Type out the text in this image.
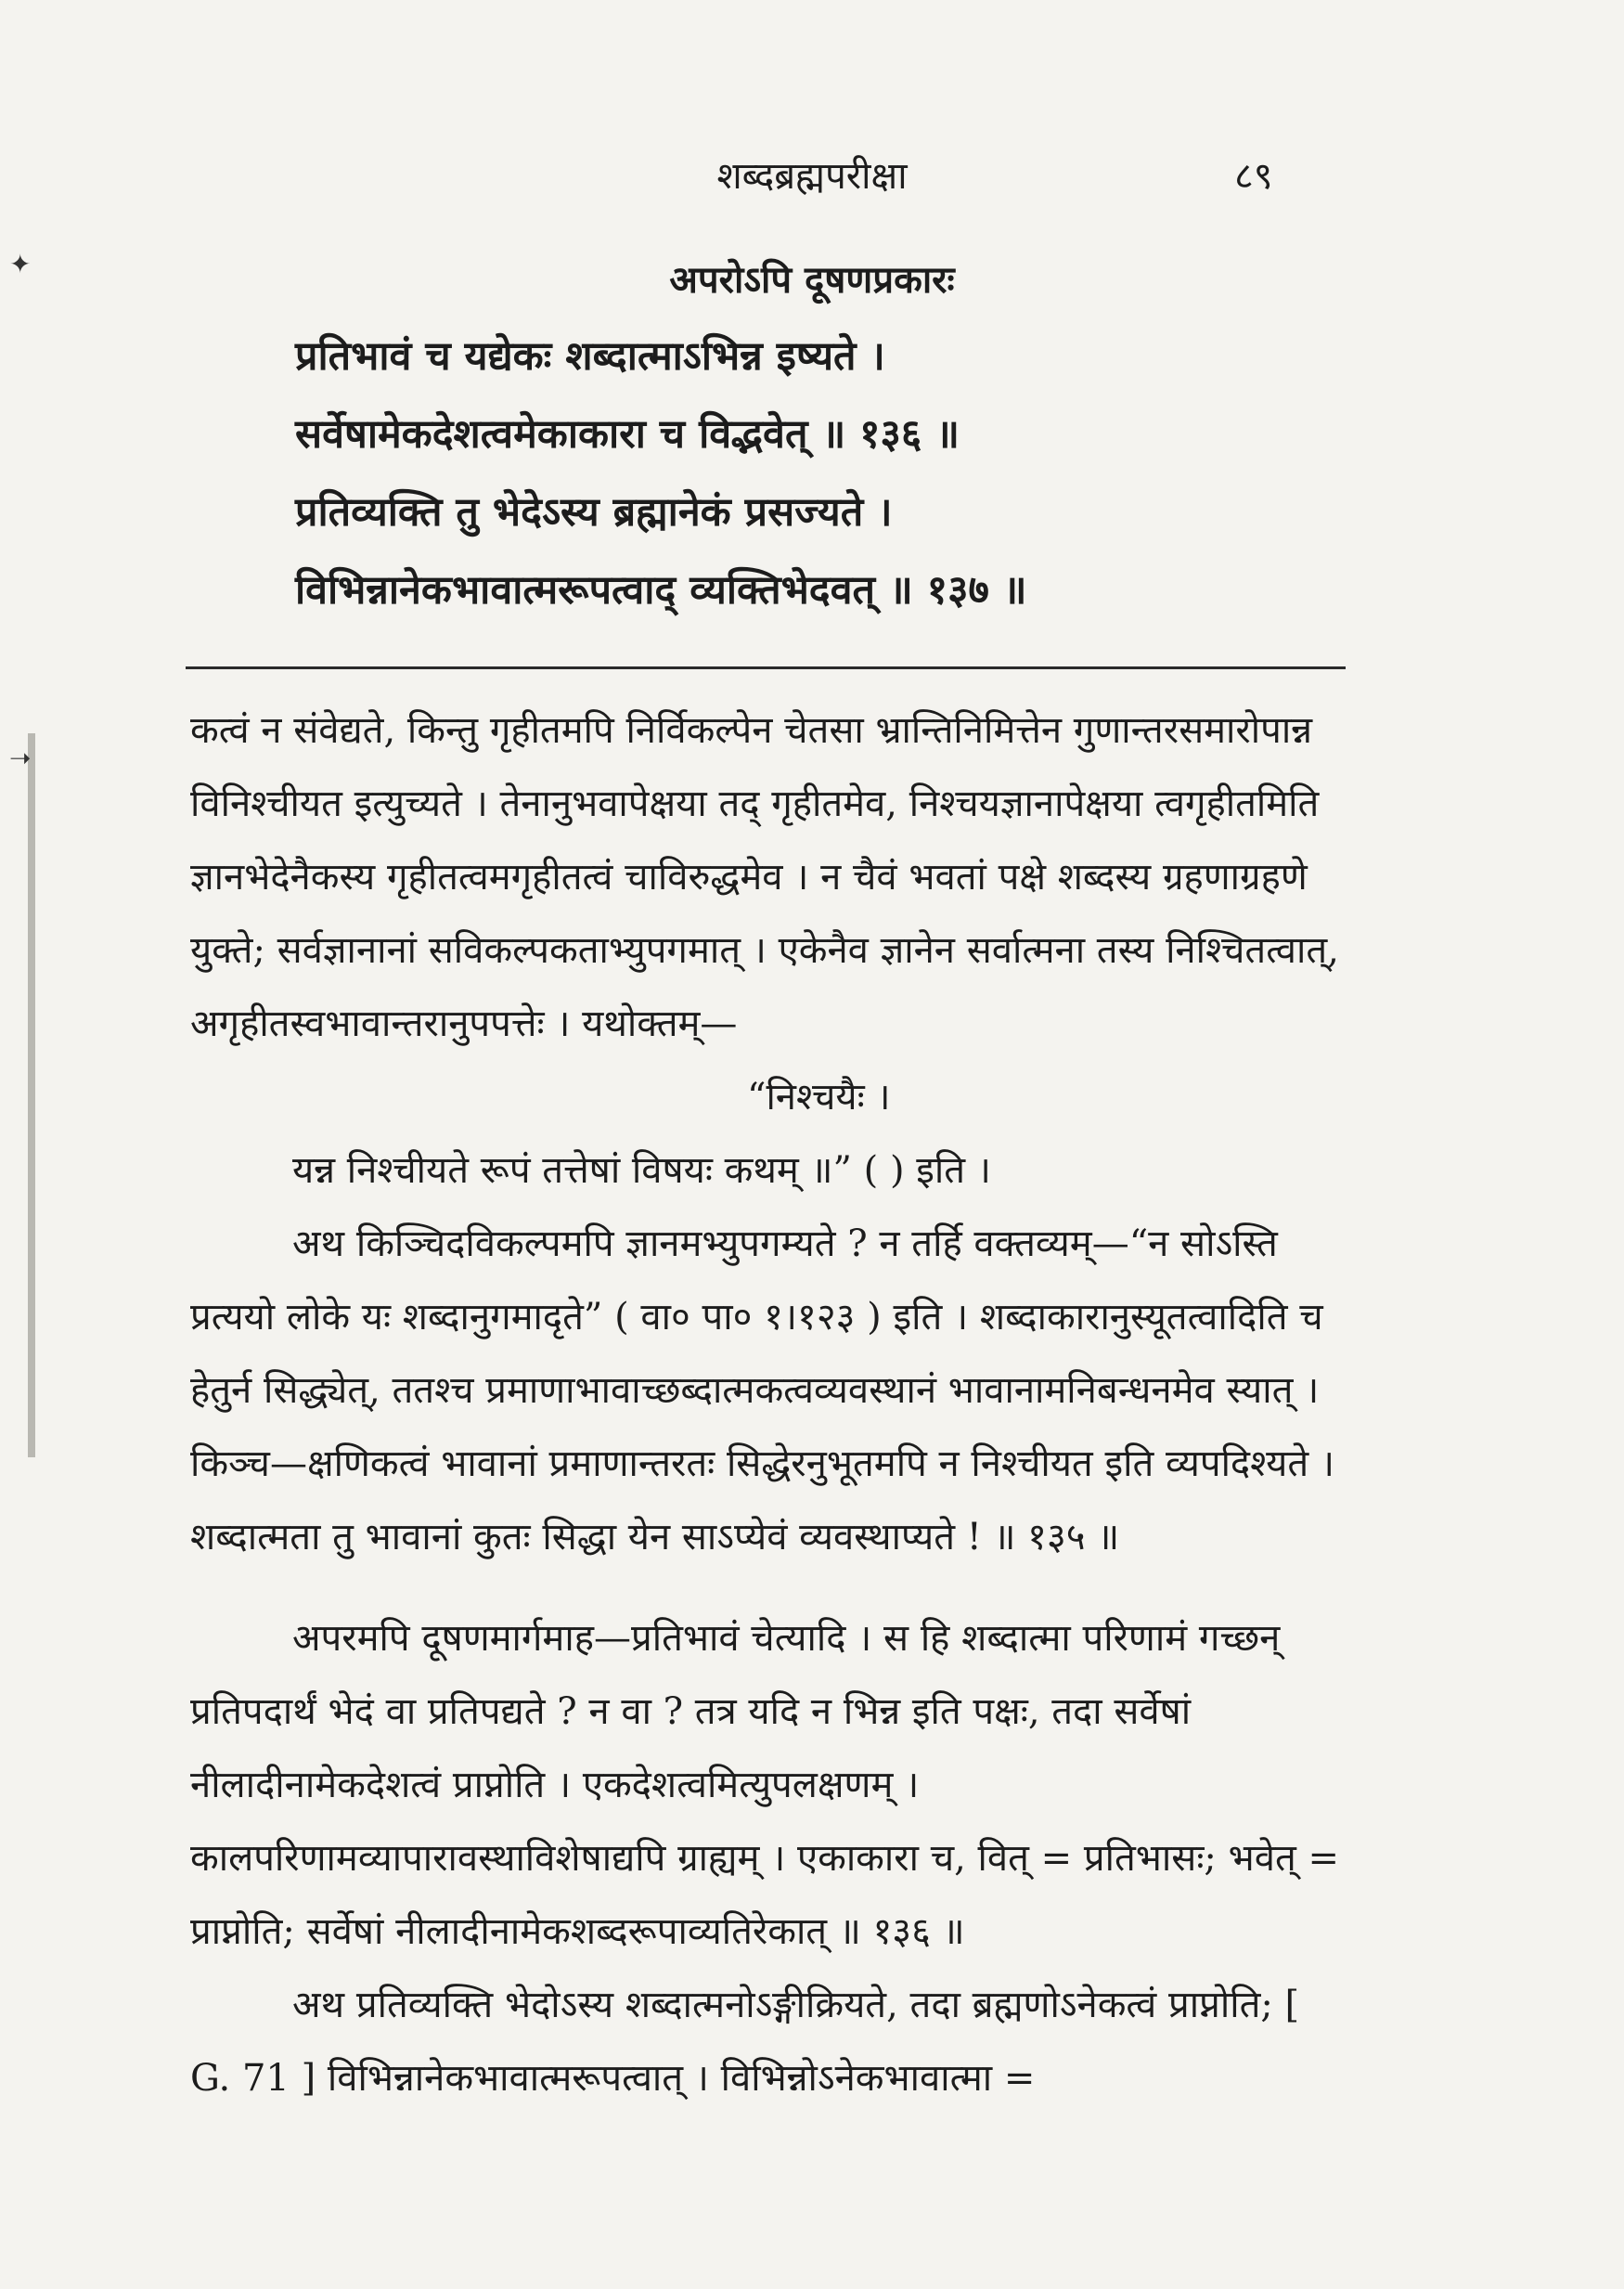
✦
➝
शब्दब्रह्मपरीक्षा	८९
अपरोऽपि दूषणप्रकारः
प्रतिभावं च यद्येकः शब्दात्माऽभिन्न इष्यते ।
सर्वेषामेकदेशत्वमेकाकारा च विद्भवेत् ॥ १३६ ॥
प्रतिव्यक्ति तु भेदेऽस्य ब्रह्मानेकं प्रसज्यते ।
विभिन्नानेकभावात्मरूपत्वाद् व्यक्तिभेदवत् ॥ १३७ ॥

कत्वं न संवेद्यते, किन्तु गृहीतमपि निर्विकल्पेन चेतसा भ्रान्तिनिमित्तेन गुणान्तरसमारोपान्न विनिश्चीयत इत्युच्यते । तेनानुभवापेक्षया तद् गृहीतमेव, निश्चयज्ञानापेक्षया त्वगृहीतमिति ज्ञानभेदेनैकस्य गृहीतत्वमगृहीतत्वं चाविरुद्धमेव । न चैवं भवतां पक्षे शब्दस्य ग्रहणाग्रहणे युक्ते; सर्वज्ञानानां सविकल्पकताभ्युपगमात् । एकेनैव ज्ञानेन सर्वात्मना तस्य निश्चितत्वात्, अगृहीतस्वभावान्तरानुपपत्तेः । यथोक्तम्—

“निश्चयैः ।

यन्न निश्चीयते रूपं तत्तेषां विषयः कथम् ॥” ( ) इति ।

अथ किञ्चिदविकल्पमपि ज्ञानमभ्युपगम्यते ? न तर्हि वक्तव्यम्—“न सोऽस्ति प्रत्ययो लोके यः शब्दानुगमादृते” ( वा० पा० १।१२३ ) इति । शब्दाकारानुस्यूतत्वादिति च हेतुर्न सिद्ध्येत्, ततश्च प्रमाणाभावाच्छब्दात्मकत्वव्यवस्थानं भावानामनिबन्धनमेव स्यात् । किञ्च—क्षणिकत्वं भावानां प्रमाणान्तरतः सिद्धेरनुभूतमपि न निश्चीयत इति व्यपदिश्यते । शब्दात्मता तु भावानां कुतः सिद्धा येन साऽप्येवं व्यवस्थाप्यते ! ॥ १३५ ॥

अपरमपि दूषणमार्गमाह—प्रतिभावं चेत्यादि । स हि शब्दात्मा परिणामं गच्छन् प्रतिपदार्थं भेदं वा प्रतिपद्यते ? न वा ? तत्र यदि न भिन्न इति पक्षः, तदा सर्वेषां नीलादीनामेकदेशत्वं प्राप्नोति । एकदेशत्वमित्युपलक्षणम् । कालपरिणामव्यापारावस्थाविशेषाद्यपि ग्राह्यम् । एकाकारा च, वित् = प्रतिभासः; भवेत् = प्राप्नोति; सर्वेषां नीलादीनामेकशब्दरूपाव्यतिरेकात् ॥ १३६ ॥

अथ प्रतिव्यक्ति भेदोऽस्य शब्दात्मनोऽङ्गीक्रियते, तदा ब्रह्मणोऽनेकत्वं प्राप्नोति; [ G. 71 ] विभिन्नानेकभावात्मरूपत्वात् । विभिन्नोऽनेकभावात्मा =
